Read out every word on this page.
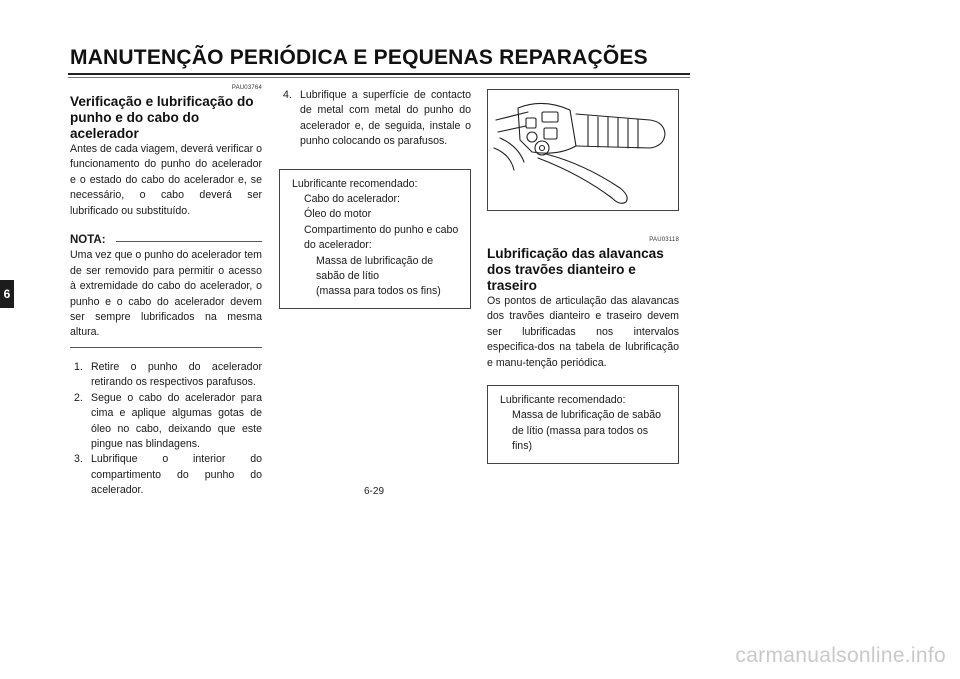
MANUTENÇÃO PERIÓDICA E PEQUENAS REPARAÇÕES
6
PAU03764
Verificação e lubrificação do punho e do cabo do acelerador

Antes de cada viagem, deverá verificar o funcionamento do punho do acelerador e o estado do cabo do acelerador e, se necessário, o cabo deverá ser lubrificado ou substituído.

NOTA:

Uma vez que o punho do acelerador tem de ser removido para permitir o acesso à extremidade do cabo do acelerador, o punho e o cabo do acelerador devem ser sempre lubrificados na mesma altura.

1. Retire o punho do acelerador retirando os respectivos parafusos.
2. Segue o cabo do acelerador para cima e aplique algumas gotas de óleo no cabo, deixando que este pingue nas blindagens.
3. Lubrifique o interior do compartimento do punho do acelerador.
4. Lubrifique a superfície de contacto de metal com metal do punho do acelerador e, de seguida, instale o punho colocando os parafusos.
Lubrificante recomendado:
Cabo do acelerador:
Óleo do motor
Compartimento do punho e cabo do acelerador:
Massa de lubrificação de sabão de lítio
(massa para todos os fins)
PAU03118
Lubrificação das alavancas dos travões dianteiro e traseiro

Os pontos de articulação das alavancas dos travões dianteiro e traseiro devem ser lubrificadas nos intervalos especifica-dos na tabela de lubrificação e manu-tenção periódica.

Lubrificante recomendado:
Massa de lubrificação de sabão de lítio (massa para todos os fins)
6-29
carmanualsonline.info
